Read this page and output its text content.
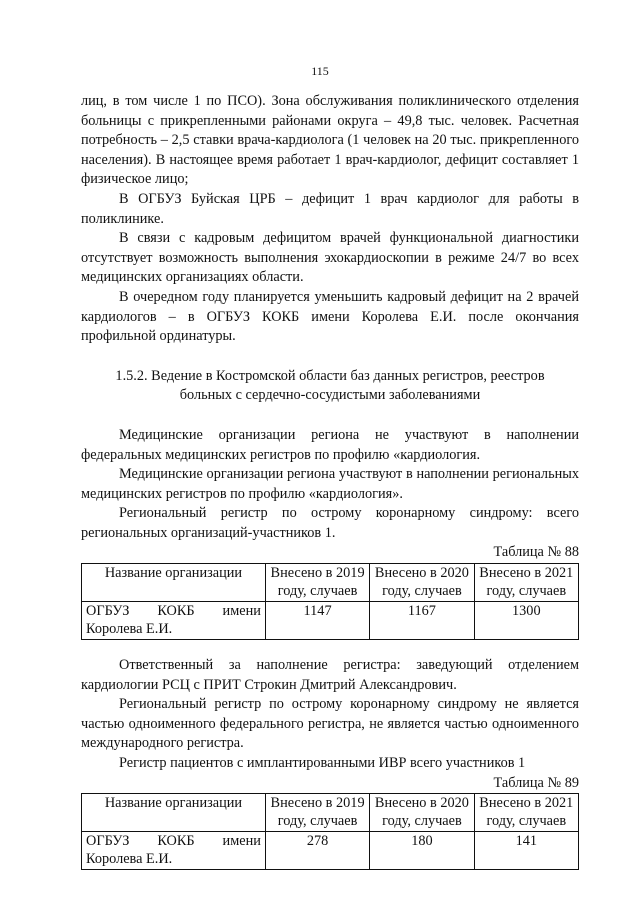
115

лиц, в том числе 1 по ПСО). Зона обслуживания поликлинического отделения больницы с прикрепленными районами округа – 49,8 тыс. человек. Расчетная потребность – 2,5 ставки врача-кардиолога (1 человек на 20 тыс. прикрепленного населения). В настоящее время работает 1 врач-кардиолог, дефицит составляет 1 физическое лицо;

В ОГБУЗ Буйская ЦРБ – дефицит 1 врач кардиолог для работы в поликлинике.

В связи с кадровым дефицитом врачей функциональной диагностики отсутствует возможность выполнения эхокардиоскопии в режиме 24/7 во всех медицинских организациях области.

В очередном году планируется уменьшить кадровый дефицит на 2 врачей кардиологов – в ОГБУЗ КОКБ имени Королева Е.И. после окончания профильной ординатуры.

1.5.2. Ведение в Костромской области баз данных регистров, реестров больных с сердечно-сосудистыми заболеваниями

Медицинские организации региона не участвуют в наполнении федеральных медицинских регистров по профилю «кардиология.

Медицинские организации региона участвуют в наполнении региональных медицинских регистров по профилю «кардиология».

Региональный регистр по острому коронарному синдрому: всего региональных организаций-участников 1.

Таблица № 88

Название организации	Внесено в 2019 году, случаев	Внесено в 2020 году, случаев	Внесено в 2021 году, случаев

ОГБУЗ КОКБ имени
Королева Е.И.	1147	1167	1300

Ответственный за наполнение регистра: заведующий отделением кардиологии РСЦ с ПРИТ Строкин Дмитрий Александрович.

Региональный регистр по острому коронарному синдрому не является частью одноименного федерального регистра, не является частью одноименного международного регистра.

Регистр пациентов с имплантированными ИВР всего участников 1

Таблица № 89

Название организации	Внесено в 2019 году, случаев	Внесено в 2020 году, случаев	Внесено в 2021 году, случаев

ОГБУЗ КОКБ имени
Королева Е.И.	278	180	141
